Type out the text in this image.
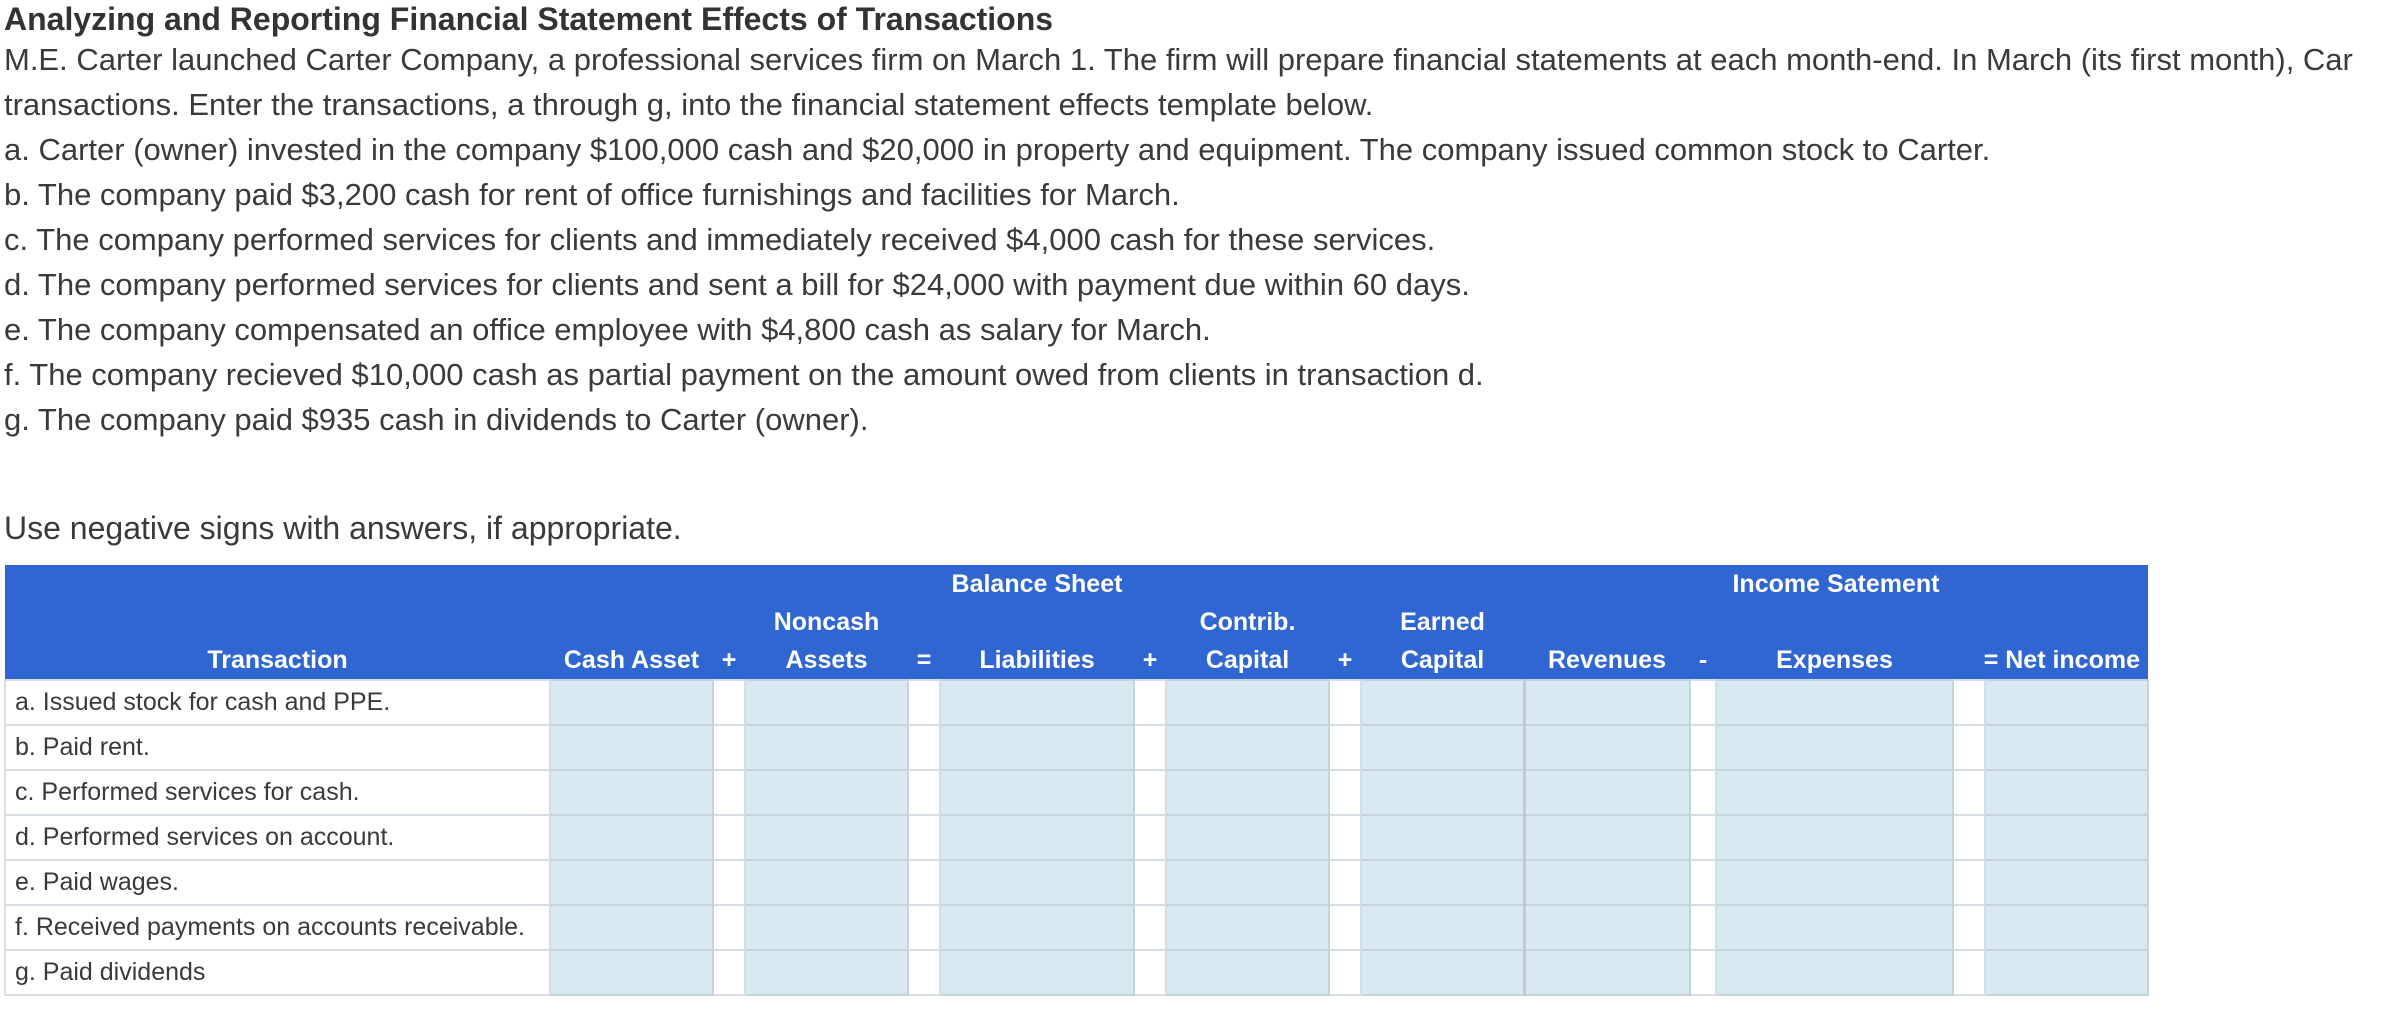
Analyzing and Reporting Financial Statement Effects of Transactions
M.E. Carter launched Carter Company, a professional services firm on March 1. The firm will prepare financial statements at each month-end. In March (its first month), Car
transactions. Enter the transactions, a through g, into the financial statement effects template below.
a. Carter (owner) invested in the company $100,000 cash and $20,000 in property and equipment. The company issued common stock to Carter.
b. The company paid $3,200 cash for rent of office furnishings and facilities for March.
c. The company performed services for clients and immediately received $4,000 cash for these services.
d. The company performed services for clients and sent a bill for $24,000 with payment due within 60 days.
e. The company compensated an office employee with $4,800 cash as salary for March.
f. The company recieved $10,000 cash as partial payment on the amount owed from clients in transaction d.
g. The company paid $935 cash in dividends to Carter (owner).
Use negative signs with answers, if appropriate.
Balance Sheet										Income Satement				
			Noncash				Contrib.		Earned					
Transaction	Cash Asset	+	Assets	=	Liabilities	+	Capital	+	Capital	Revenues	-	Expenses	= Net income	
a. Issued stock for cash and PPE.														
b. Paid rent.														
c. Performed services for cash.														
d. Performed services on account.														
e. Paid wages.														
f. Received payments on accounts receivable.														
g. Paid dividends														
